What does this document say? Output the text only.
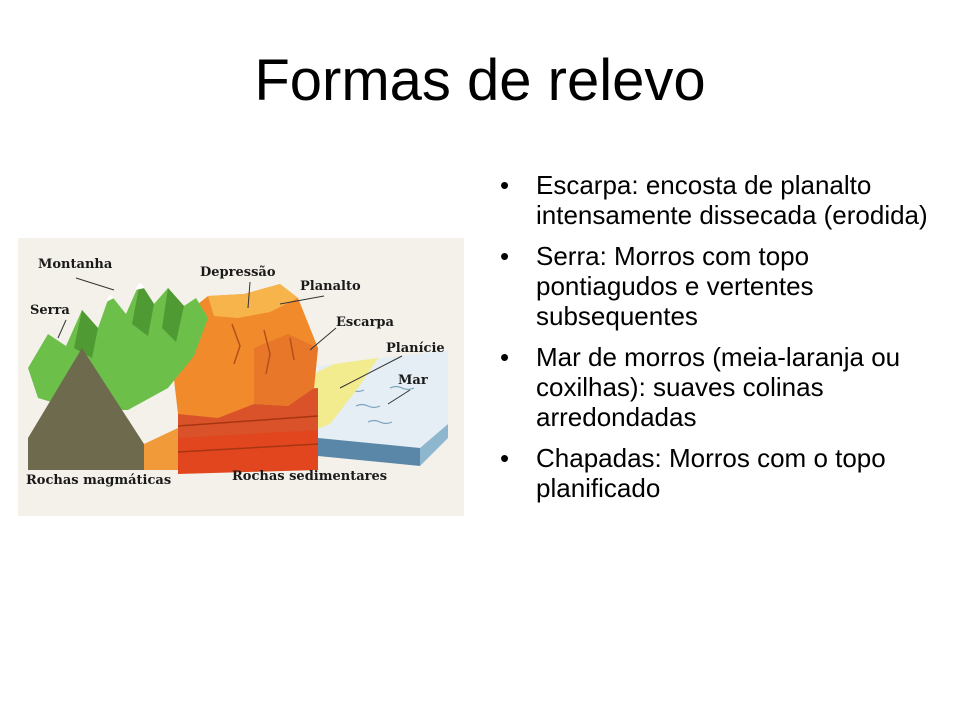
Formas de relevo
Montanha
Depressão
Planalto
Serra
Escarpa
Planície
Mar
Rochas magmáticas	Rochas sedimentares
• Escarpa: encosta de planalto intensamente dissecada (erodida)
• Serra: Morros com topo pontiagudos e vertentes subsequentes
• Mar de morros (meia-laranja ou coxilhas): suaves colinas arredondadas
• Chapadas: Morros com o topo planificado
